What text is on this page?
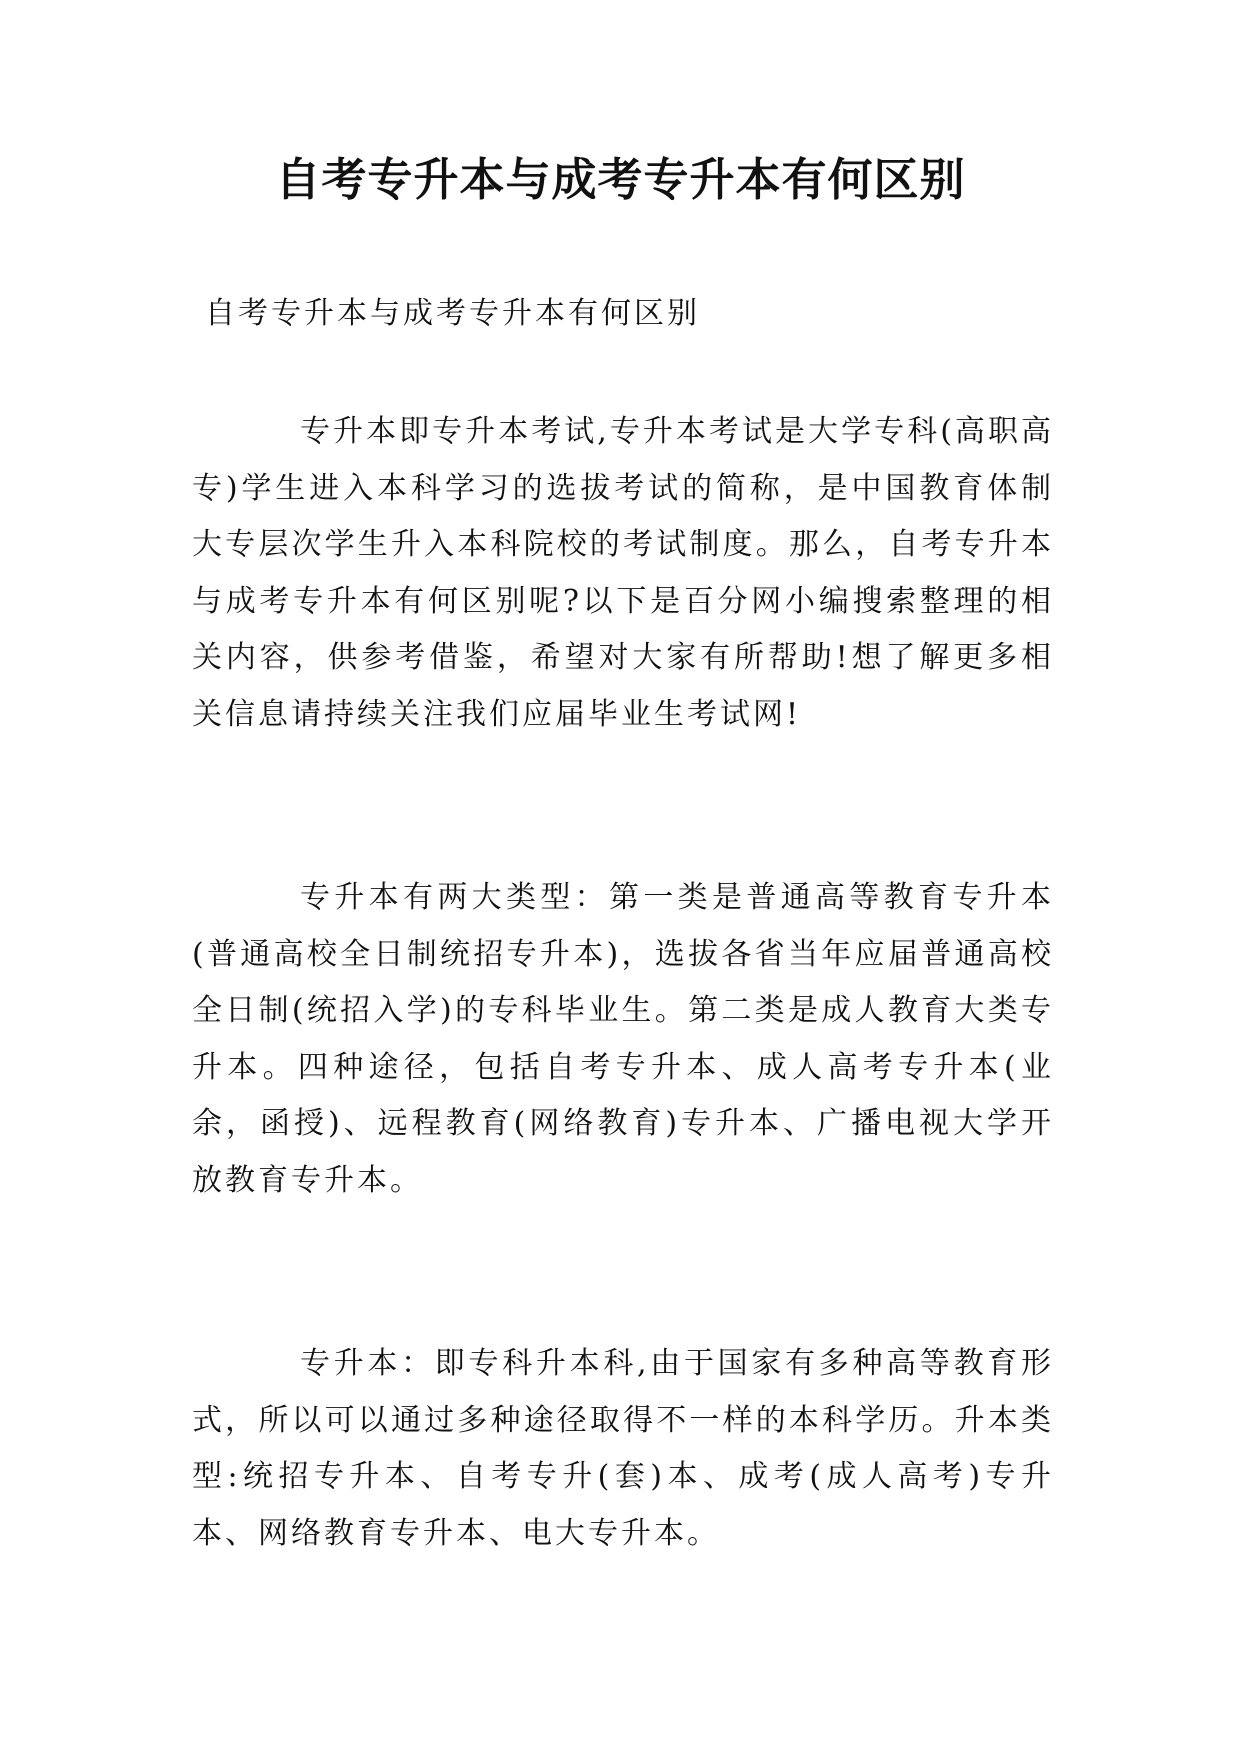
自考专升本与成考专升本有何区别

自考专升本与成考专升本有何区别

专升本即专升本考试,专升本考试是大学专科(高职高专)学生进入本科学习的选拔考试的简称，是中国教育体制大专层次学生升入本科院校的考试制度。那么，自考专升本与成考专升本有何区别呢?以下是百分网小编搜索整理的相关内容，供参考借鉴，希望对大家有所帮助!想了解更多相关信息请持续关注我们应届毕业生考试网!

专升本有两大类型：第一类是普通高等教育专升本(普通高校全日制统招专升本)，选拔各省当年应届普通高校全日制(统招入学)的专科毕业生。第二类是成人教育大类专升本。四种途径，包括自考专升本、成人高考专升本(业余，函授)、远程教育(网络教育)专升本、广播电视大学开放教育专升本。

专升本：即专科升本科,由于国家有多种高等教育形式，所以可以通过多种途径取得不一样的本科学历。升本类型:统招专升本、自考专升(套)本、成考(成人高考)专升本、网络教育专升本、电大专升本。
